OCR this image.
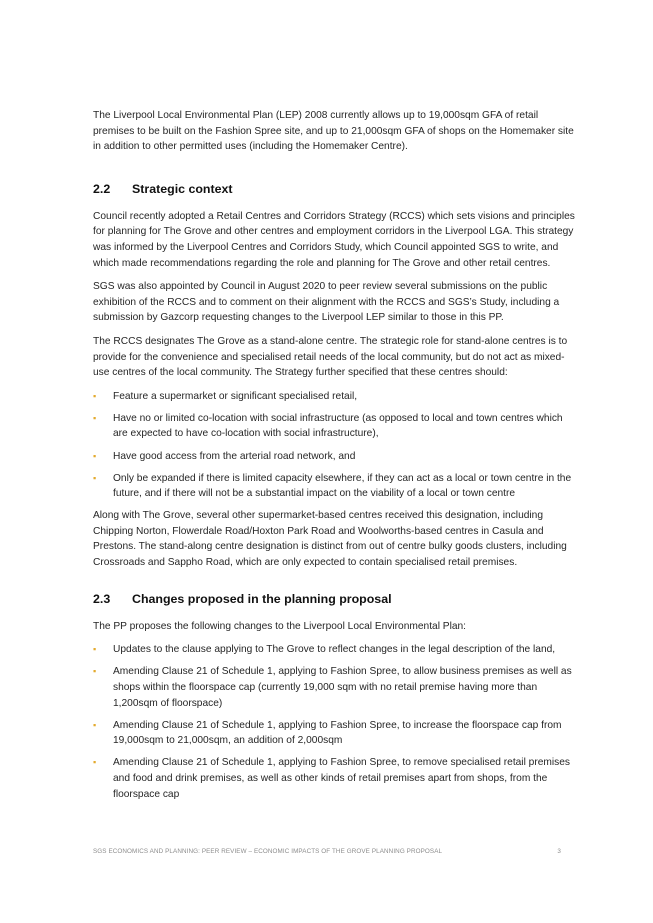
The Liverpool Local Environmental Plan (LEP) 2008 currently allows up to 19,000sqm GFA of retail premises to be built on the Fashion Spree site, and up to 21,000sqm GFA of shops on the Homemaker site in addition to other permitted uses (including the Homemaker Centre).

2.2	Strategic context

Council recently adopted a Retail Centres and Corridors Strategy (RCCS) which sets visions and principles for planning for The Grove and other centres and employment corridors in the Liverpool LGA. This strategy was informed by the Liverpool Centres and Corridors Study, which Council appointed SGS to write, and which made recommendations regarding the role and planning for The Grove and other retail centres.

SGS was also appointed by Council in August 2020 to peer review several submissions on the public exhibition of the RCCS and to comment on their alignment with the RCCS and SGS’s Study, including a submission by Gazcorp requesting changes to the Liverpool LEP similar to those in this PP.

The RCCS designates The Grove as a stand-alone centre. The strategic role for stand-alone centres is to provide for the convenience and specialised retail needs of the local community, but do not act as mixed-use centres of the local community. The Strategy further specified that these centres should:

▪ Feature a supermarket or significant specialised retail,
▪ Have no or limited co-location with social infrastructure (as opposed to local and town centres which are expected to have co-location with social infrastructure),
▪ Have good access from the arterial road network, and
▪ Only be expanded if there is limited capacity elsewhere, if they can act as a local or town centre in the future, and if there will not be a substantial impact on the viability of a local or town centre

Along with The Grove, several other supermarket-based centres received this designation, including Chipping Norton, Flowerdale Road/Hoxton Park Road and Woolworths-based centres in Casula and Prestons. The stand-along centre designation is distinct from out of centre bulky goods clusters, including Crossroads and Sappho Road, which are only expected to contain specialised retail premises.

2.3	Changes proposed in the planning proposal

The PP proposes the following changes to the Liverpool Local Environmental Plan:

▪ Updates to the clause applying to The Grove to reflect changes in the legal description of the land,
▪ Amending Clause 21 of Schedule 1, applying to Fashion Spree, to allow business premises as well as shops within the floorspace cap (currently 19,000 sqm with no retail premise having more than 1,200sqm of floorspace)
▪ Amending Clause 21 of Schedule 1, applying to Fashion Spree, to increase the floorspace cap from 19,000sqm to 21,000sqm, an addition of 2,000sqm
▪ Amending Clause 21 of Schedule 1, applying to Fashion Spree, to remove specialised retail premises and food and drink premises, as well as other kinds of retail premises apart from shops, from the floorspace cap
SGS ECONOMICS AND PLANNING: PEER REVIEW – ECONOMIC IMPACTS OF THE GROVE PLANNING PROPOSAL	3
